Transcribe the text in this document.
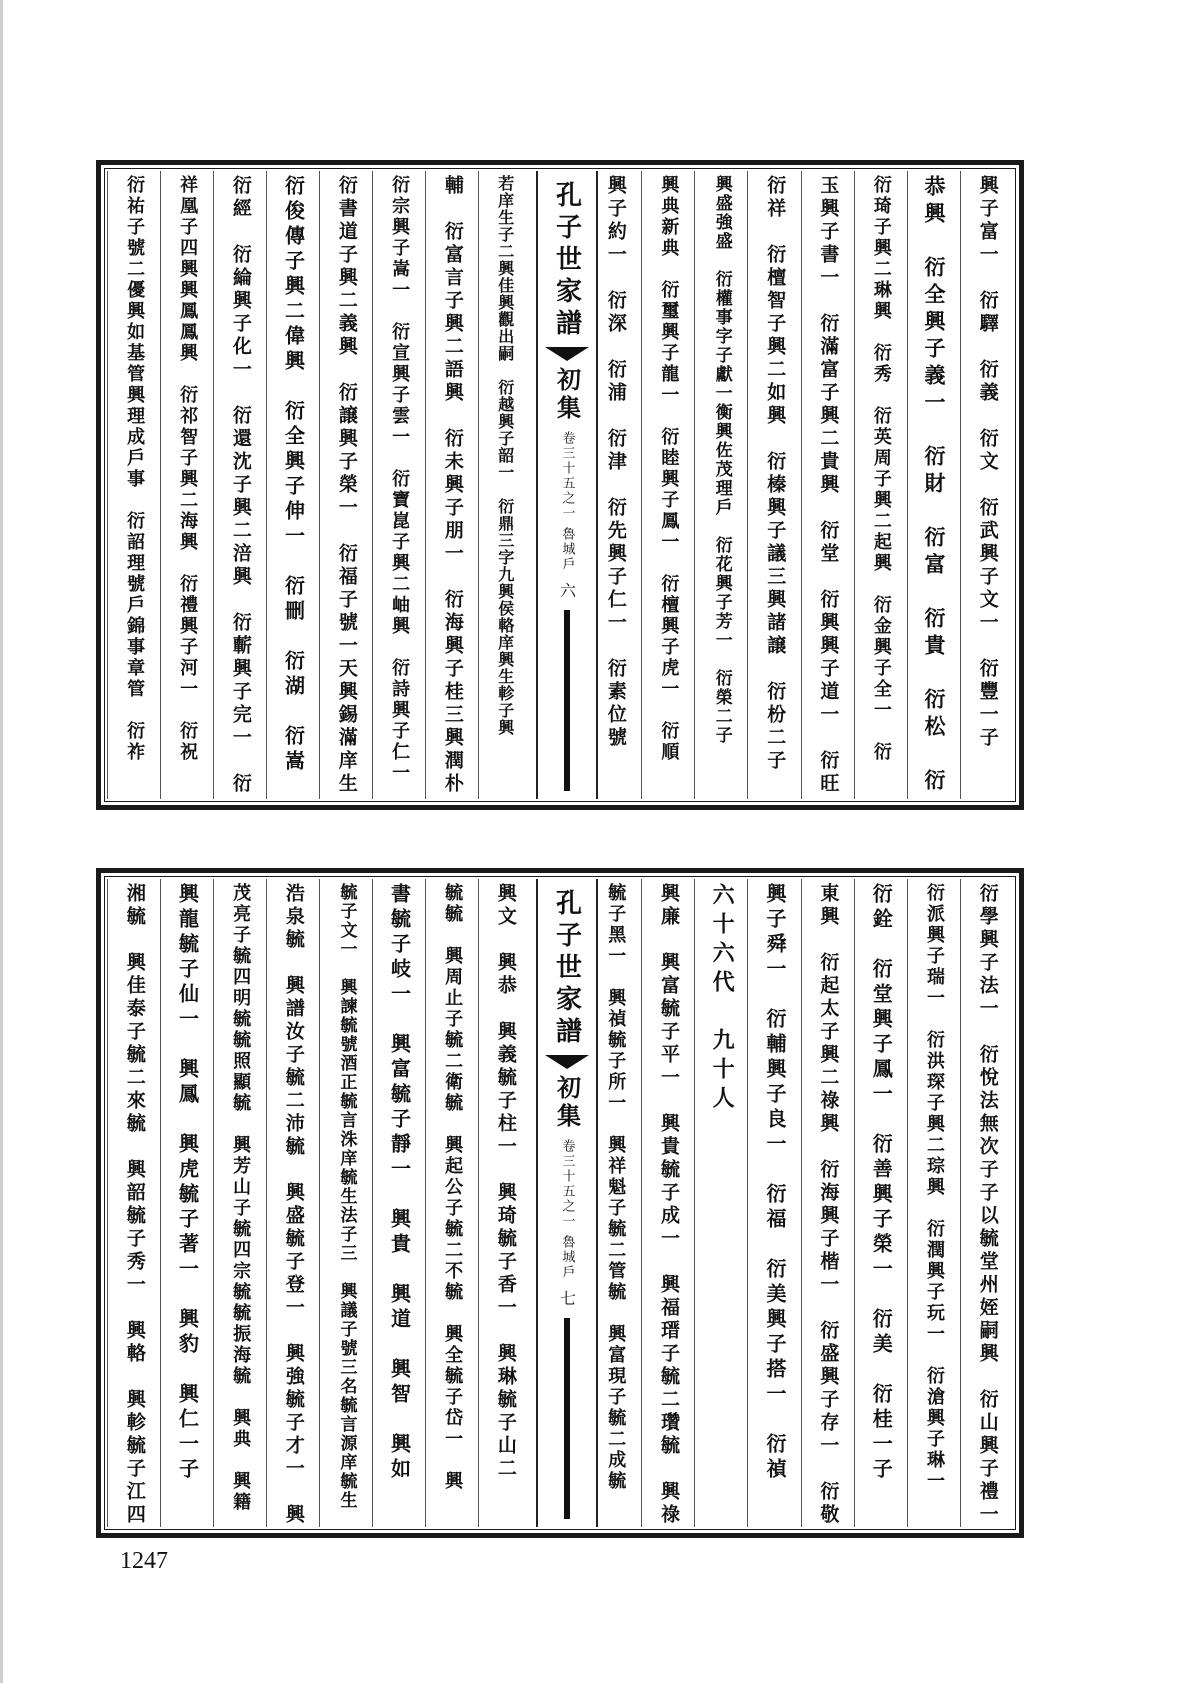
興子富一　衍驛　衍義　衍文　衍武興子文一　衍豐一子
恭興　衍全興子義一　衍財　衍富　衍貴　衍松　衍
衍琦子興二琳興　衍秀　衍英周子興二起興　衍金興子全一　衍
玉興子書一　衍滿富子興二貴興　衍堂　衍興興子道一　衍旺
衍祥　衍檀智子興二如興　衍榛興子議三興諸譲　衍枌二子
興盛強盛　衍權事字子獻一衡興佐茂理戶　衍花興子芳一　衍榮二子
興典新典　衍璽興子龍一　衍睦興子鳳一　衍檀興子虎一　衍順
興子約一　衍深　衍浦　衍津　衍先興子仁一　衍素位號
孔子世家譜
初集
卷三十五之一 魯城戶
六
若庠生子二興佳興觀出嗣　衍越興子韶一　衍鼎三字九興侯輅庠興生軫子興
輔　衍富言子興二語興　衍未興子朋一　衍海興子桂三興潤朴
衍宗興子嵩一　衍宣興子雲一　衍寶崑子興二岫興　衍詩興子仁一
衍書道子興二義興　衍譲興子榮一　衍福子號一天興錫滿庠生
衍俊傳子興二偉興　衍全興子伸一　衍刪　衍湖　衍嵩
衍經　衍綸興子化一　衍還沈子興二涪興　衍蘄興子完一　衍
祥凰子四興興鳳鳳興　衍祁智子興二海興　衍禮興子河一　衍祝
衍祐子號二優興如基管興理成戶事　衍詔理號戶錦事章管　衍祚
衍學興子法一　衍悅法無次子子以毓堂州姪嗣興　衍山興子禮一
衍派興子瑞一　衍洪琛子興二琮興　衍潤興子玩一　衍滄興子琳一
衍銓　衍堂興子鳳一　衍善興子榮一　衍美　衍桂一子
東興　衍起太子興二祿興　衍海興子楷一　衍盛興子存一　衍敬
興子舜一　衍輔興子良一　衍福　衍美興子搭一　衍禎
六十六代　九十人
興廉　興富毓子平一　興貴毓子成一　興福瑨子毓二瓚毓　興祿
毓子黑一　興禎毓子所一　興祥魁子毓二管毓　興富現子毓二成毓
孔子世家譜
初集
卷三十五之一 魯城戶
七
興文　興恭　興義毓子柱一　興琦毓子香一　興琳毓子山二
毓毓　興周止子毓二衛毓　興起公子毓二不毓　興全毓子岱一　興
書毓子岐一　興富毓子靜一　興貴　興道　興智　興如
毓子文一　興諫毓號酒正毓言洙庠毓生法子三　興議子號三名毓言源庠毓生
浩泉毓　興譜汝子毓二沛毓　興盛毓子登一　興強毓子才一　興
茂亮子毓四明毓毓照顯毓　興芳山子毓四宗毓毓振海毓　興典　興籍
興龍毓子仙一　興鳳　興虎毓子著一　興豹　興仁一子
湘毓　興佳泰子毓二來毓　興韶毓子秀一　興輅　興軫毓子江四
1247
